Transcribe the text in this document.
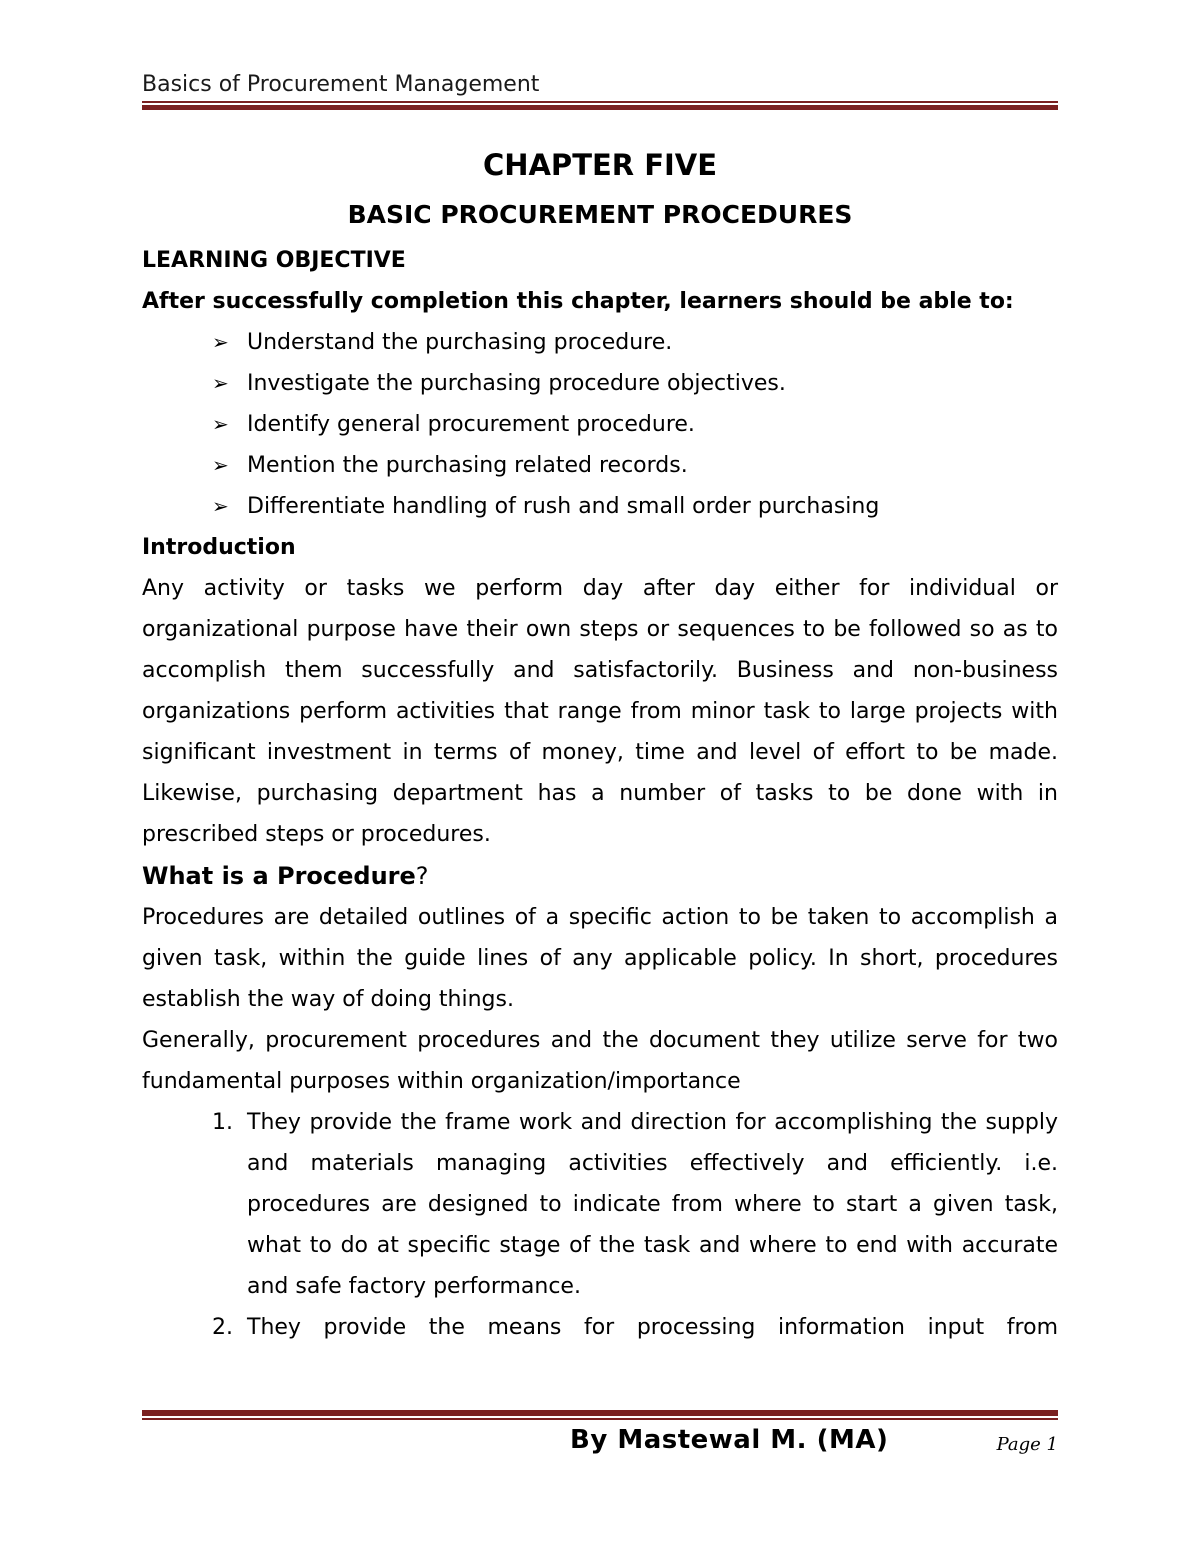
Basics of Procurement Management
CHAPTER FIVE
BASIC PROCUREMENT PROCEDURES

LEARNING OBJECTIVE

After successfully completion this chapter, learners should be able to:

➢ Understand the purchasing procedure.
➢ Investigate the purchasing procedure objectives.
➢ Identify general procurement procedure.
➢ Mention the purchasing related records.
➢ Differentiate handling of rush and small order purchasing

Introduction

Any activity or tasks we perform day after day either for individual or organizational purpose have their own steps or sequences to be followed so as to accomplish them successfully and satisfactorily. Business and non-business organizations perform activities that range from minor task to large projects with significant investment in terms of money, time and level of effort to be made. Likewise, purchasing department has a number of tasks to be done with in prescribed steps or procedures.

What is a Procedure?

Procedures are detailed outlines of a specific action to be taken to accomplish a given task, within the guide lines of any applicable policy. In short, procedures establish the way of doing things.

Generally, procurement procedures and the document they utilize serve for two fundamental purposes within organization/importance

1. They provide the frame work and direction for accomplishing the supply and materials managing activities effectively and efficiently. i.e. procedures are designed to indicate from where to start a given task, what to do at specific stage of the task and where to end with accurate and safe factory performance.
2. They provide the means for processing information input from
By Mastewal M. (MA)	Page 1
